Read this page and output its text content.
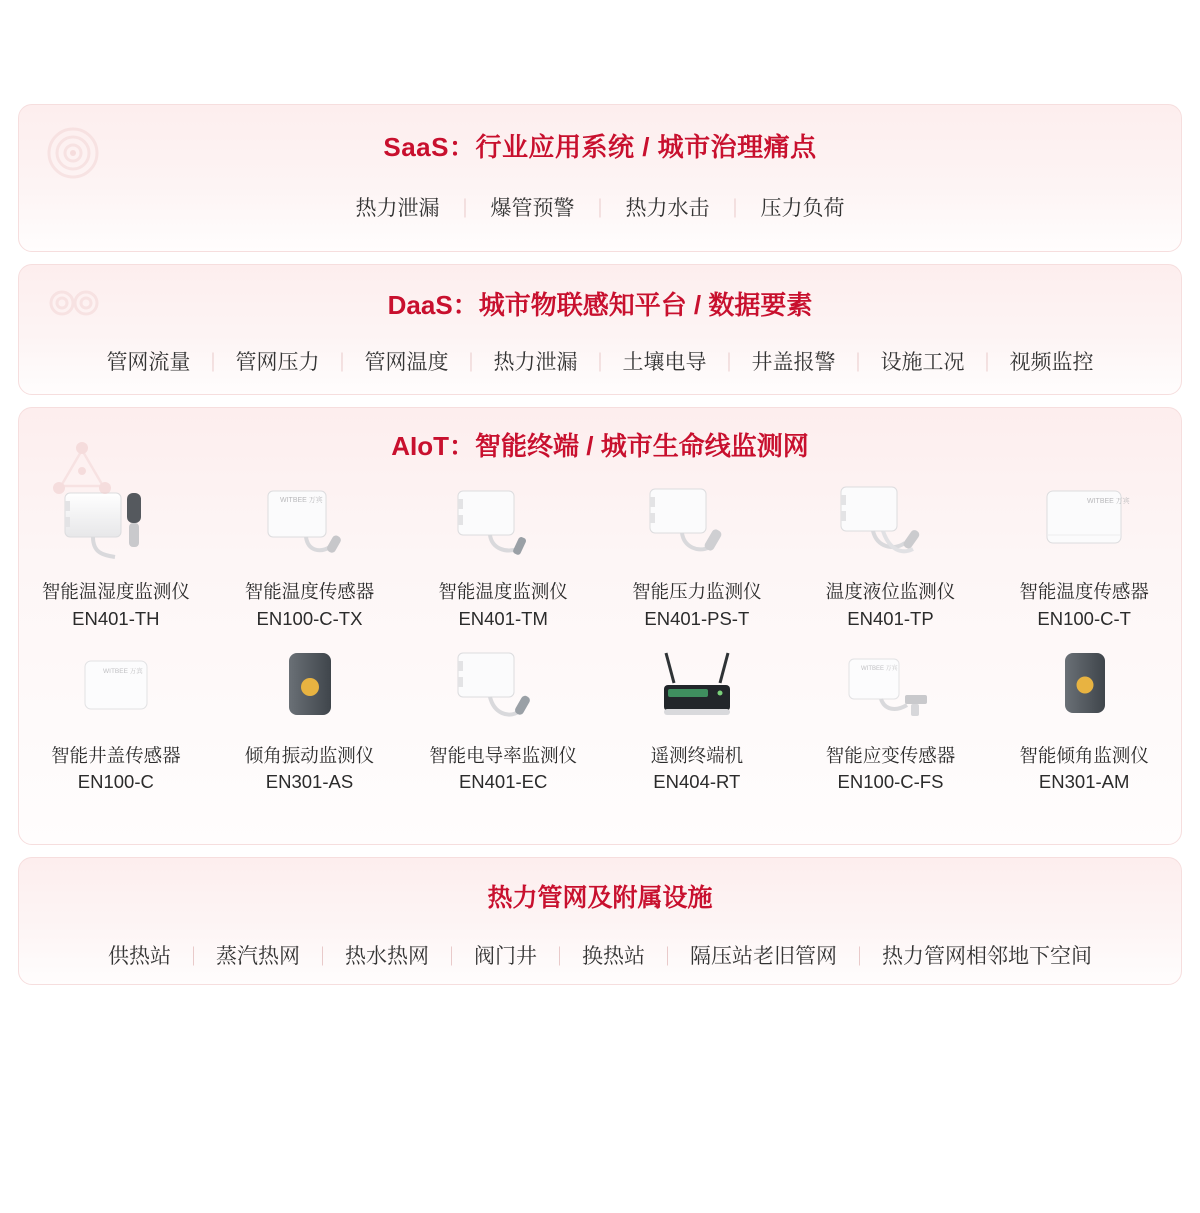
SaaS：行业应用系统 / 城市治理痛点
热力泄漏 ｜ 爆管预警 ｜ 热力水击 ｜ 压力负荷
DaaS：城市物联感知平台 / 数据要素
管网流量 ｜ 管网压力 ｜ 管网温度 ｜ 热力泄漏 ｜ 土壤电导 ｜ 井盖报警 ｜ 设施工况 ｜ 视频监控
AIoT：智能终端 / 城市生命线监测网
智能温湿度监测仪
EN401-TH
WITBEE 万宾
智能温度传感器
EN100-C-TX
智能温度监测仪
EN401-TM
智能压力监测仪
EN401-PS-T
温度液位监测仪
EN401-TP
WITBEE 万宾
智能温度传感器
EN100-C-T
WITBEE 万宾
智能井盖传感器
EN100-C
倾角振动监测仪
EN301-AS
智能电导率监测仪
EN401-EC
遥测终端机
EN404-RT
WITBEE 万宾
智能应变传感器
EN100-C-FS
智能倾角监测仪
EN301-AM
热力管网及附属设施
供热站 ｜ 蒸汽热网 ｜ 热水热网 ｜ 阀门井 ｜ 换热站 ｜ 隔压站老旧管网 ｜ 热力管网相邻地下空间
